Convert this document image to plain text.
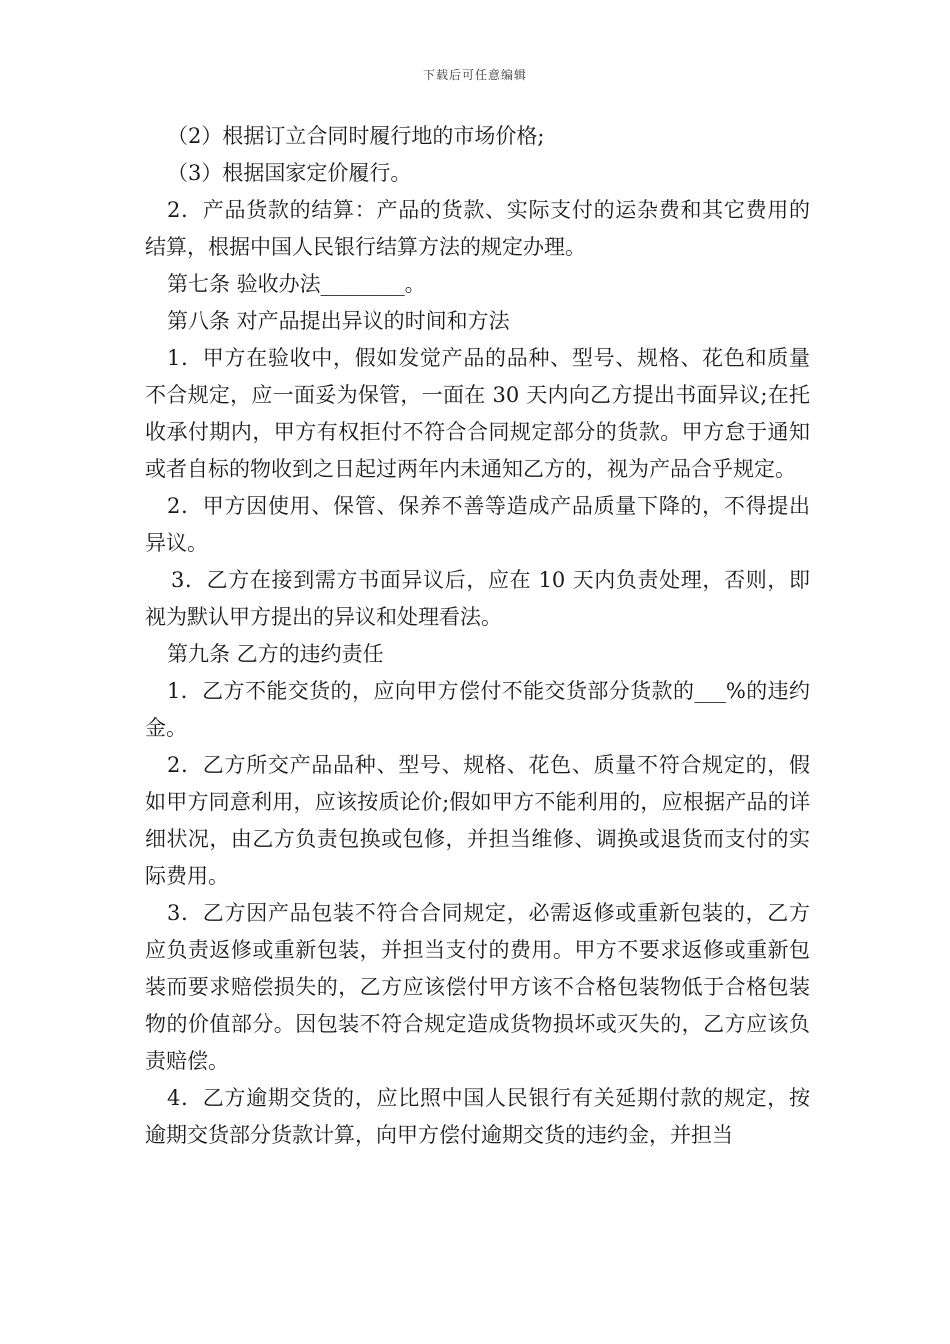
下载后可任意编辑

（2）根据订立合同时履行地的市场价格;

（3）根据国家定价履行。

2．产品货款的结算：产品的货款、实际支付的运杂费和其它费用的结算，根据中国人民银行结算方法的规定办理。

第七条 验收办法________。

第八条 对产品提出异议的时间和方法

1．甲方在验收中，假如发觉产品的品种、型号、规格、花色和质量不合规定，应一面妥为保管，一面在 30 天内向乙方提出书面异议;在托收承付期内，甲方有权拒付不符合合同规定部分的货款。甲方怠于通知或者自标的物收到之日起过两年内未通知乙方的，视为产品合乎规定。

2．甲方因使用、保管、保养不善等造成产品质量下降的，不得提出异议。

3．乙方在接到需方书面异议后，应在 10 天内负责处理，否则，即视为默认甲方提出的异议和处理看法。

第九条 乙方的违约责任

1．乙方不能交货的，应向甲方偿付不能交货部分货款的___%的违约金。

2．乙方所交产品品种、型号、规格、花色、质量不符合规定的，假如甲方同意利用，应该按质论价;假如甲方不能利用的，应根据产品的详细状况，由乙方负责包换或包修，并担当维修、调换或退货而支付的实际费用。

3．乙方因产品包装不符合合同规定，必需返修或重新包装的，乙方应负责返修或重新包装，并担当支付的费用。甲方不要求返修或重新包装而要求赔偿损失的，乙方应该偿付甲方该不合格包装物低于合格包装物的价值部分。因包装不符合规定造成货物损坏或灭失的，乙方应该负责赔偿。

4．乙方逾期交货的，应比照中国人民银行有关延期付款的规定，按逾期交货部分货款计算，向甲方偿付逾期交货的违约金，并担当
